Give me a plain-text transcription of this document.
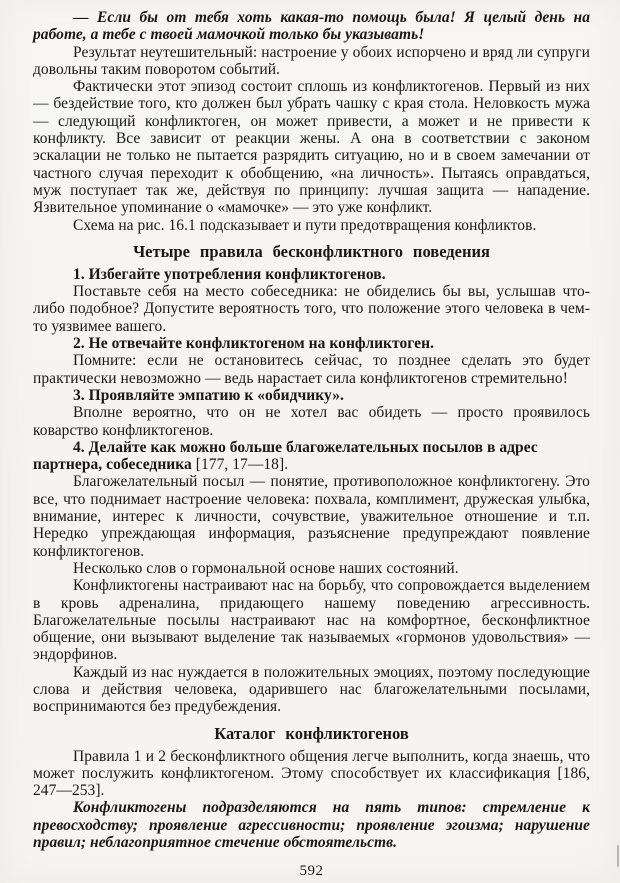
— Если бы от тебя хоть какая-то помощь была! Я целый день на работе, а тебе с твоей мамочкой только бы указывать!

Результат неутешительный: настроение у обоих испорчено и вряд ли супруги довольны таким поворотом событий.

Фактически этот эпизод состоит сплошь из конфликтогенов. Первый из них — бездействие того, кто должен был убрать чашку с края стола. Неловкость мужа — следующий конфликтоген, он может привести, а может и не привести к конфликту. Все зависит от реакции жены. А она в соответствии с законом эскалации не только не пытается разрядить ситуацию, но и в своем замечании от частного случая переходит к обобщению, «на личность». Пытаясь оправдаться, муж поступает так же, действуя по принципу: лучшая защита — нападение. Язвительное упоминание о «мамочке» — это уже конфликт.

Схема на рис. 16.1 подсказывает и пути предотвращения конфликтов.

Четыре правила бесконфликтного поведения

1. Избегайте употребления конфликтогенов.

Поставьте себя на место собеседника: не обиделись бы вы, услышав что-либо подобное? Допустите вероятность того, что положение этого человека в чем-то уязвимее вашего.

2. Не отвечайте конфликтогеном на конфликтоген.

Помните: если не остановитесь сейчас, то позднее сделать это будет практически невозможно — ведь нарастает сила конфликтогенов стремительно!

3. Проявляйте эмпатию к «обидчику».

Вполне вероятно, что он не хотел вас обидеть — просто проявилось коварство конфликтогенов.

4. Делайте как можно больше благожелательных посылов в адрес партнера, собеседника [177, 17—18].

Благожелательный посыл — понятие, противоположное конфликтогену. Это все, что поднимает настроение человека: похвала, комплимент, дружеская улыбка, внимание, интерес к личности, сочувствие, уважительное отношение и т.п. Нередко упреждающая информация, разъяснение предупреждают появление конфликтогенов.

Несколько слов о гормональной основе наших состояний.

Конфликтогены настраивают нас на борьбу, что сопровождается выделением в кровь адреналина, придающего нашему поведению агрессивность. Благожелательные посылы настраивают нас на комфортное, бесконфликтное общение, они вызывают выделение так называемых «гормонов удовольствия» — эндорфинов.

Каждый из нас нуждается в положительных эмоциях, поэтому последующие слова и действия человека, одарившего нас благожелательными посылами, воспринимаются без предубеждения.

Каталог конфликтогенов

Правила 1 и 2 бесконфликтного общения легче выполнить, когда знаешь, что может послужить конфликтогеном. Этому способствует их классификация [186, 247—253].

Конфликтогены подразделяются на пять типов: стремление к превосходству; проявление агрессивности; проявление эгоизма; нарушение правил; неблагоприятное стечение обстоятельств.

592
